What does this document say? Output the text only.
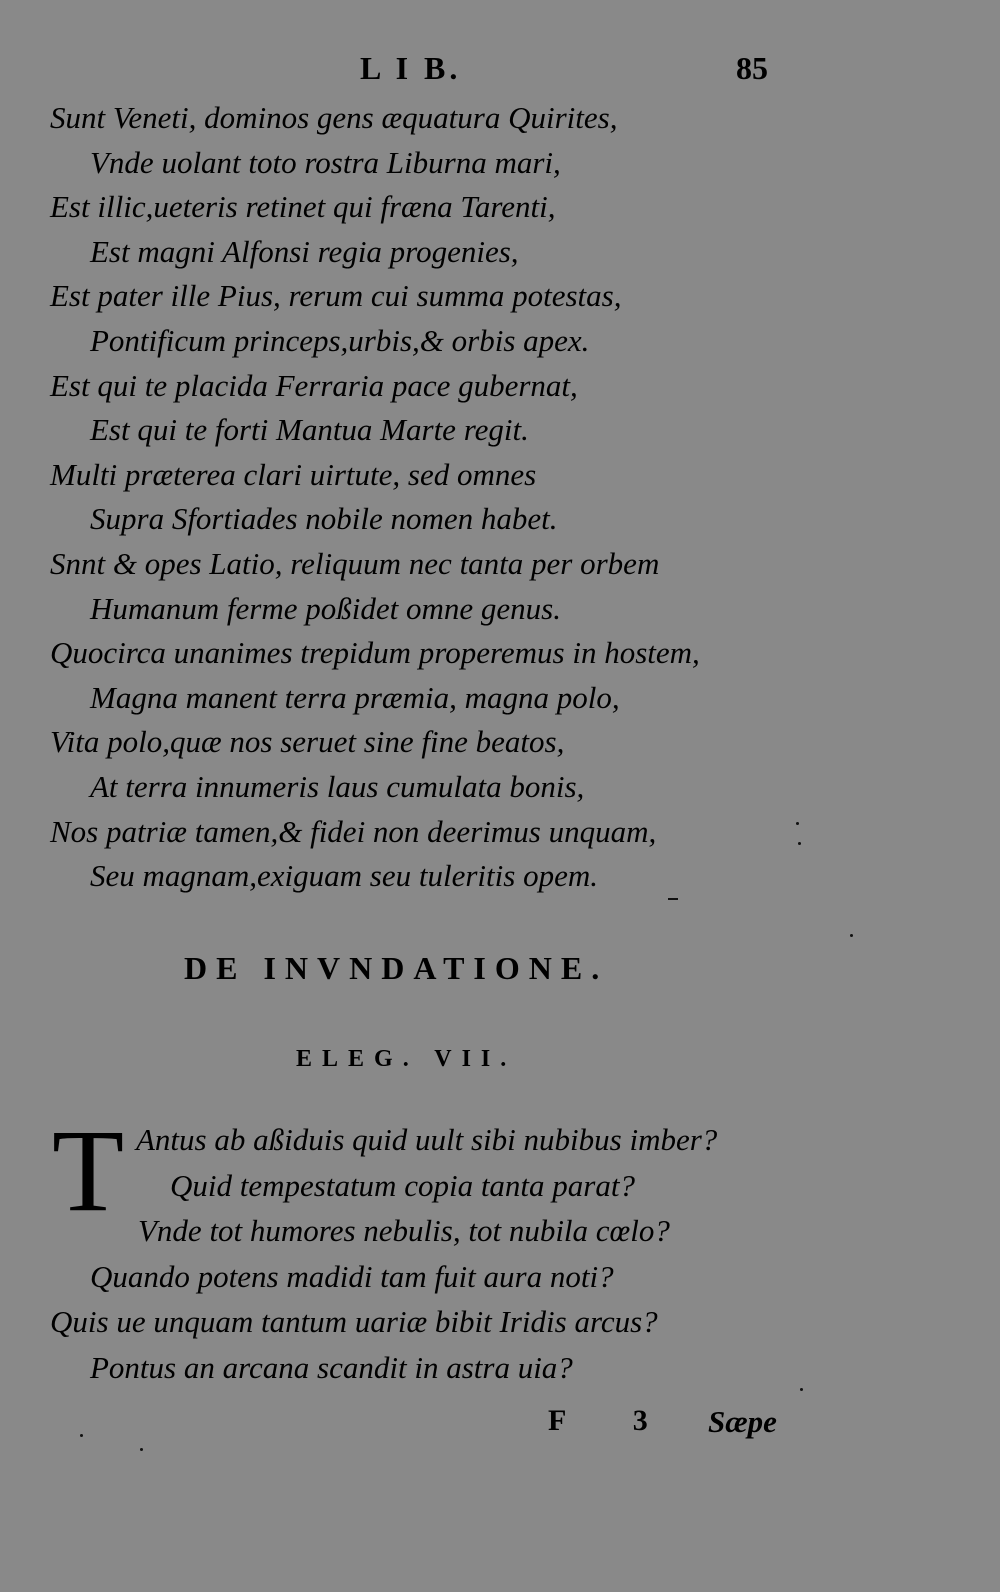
L I B.	85
Sunt Veneti, dominos gens æquatura Quirites,
Vnde uolant toto rostra Liburna mari,
Est illic,ueteris retinet qui fræna Tarenti,
Est magni Alfonsi regia progenies,
Est pater ille Pius, rerum cui summa potestas,
Pontificum princeps,urbis,& orbis apex.
Est qui te placida Ferraria pace gubernat,
Est qui te forti Mantua Marte regit.
Multi præterea clari uirtute, sed omnes
Supra Sfortiades nobile nomen habet.
Snnt & opes Latio, reliquum nec tanta per orbem
Humanum ferme poßidet omne genus.
Quocirca unanimes trepidum properemus in hostem,
Magna manent terra præmia, magna polo,
Vita polo,quæ nos seruet sine fine beatos,
At terra innumeris laus cumulata bonis,
Nos patriæ tamen,& fidei non deerimus unquam,
Seu magnam,exiguam seu tuleritis opem.
DE INVNDATIONE.
ELEG. VII.
T Antus ab aßiduis quid uult sibi nubibus imber?
Quid tempestatum copia tanta parat?
Vnde tot humores nebulis, tot nubila cœlo?
Quando potens madidi tam fuit aura noti?
Quis ue unquam tantum uariæ bibit Iridis arcus?
Pontus an arcana scandit in astra uia?
F 3 Sæpe
